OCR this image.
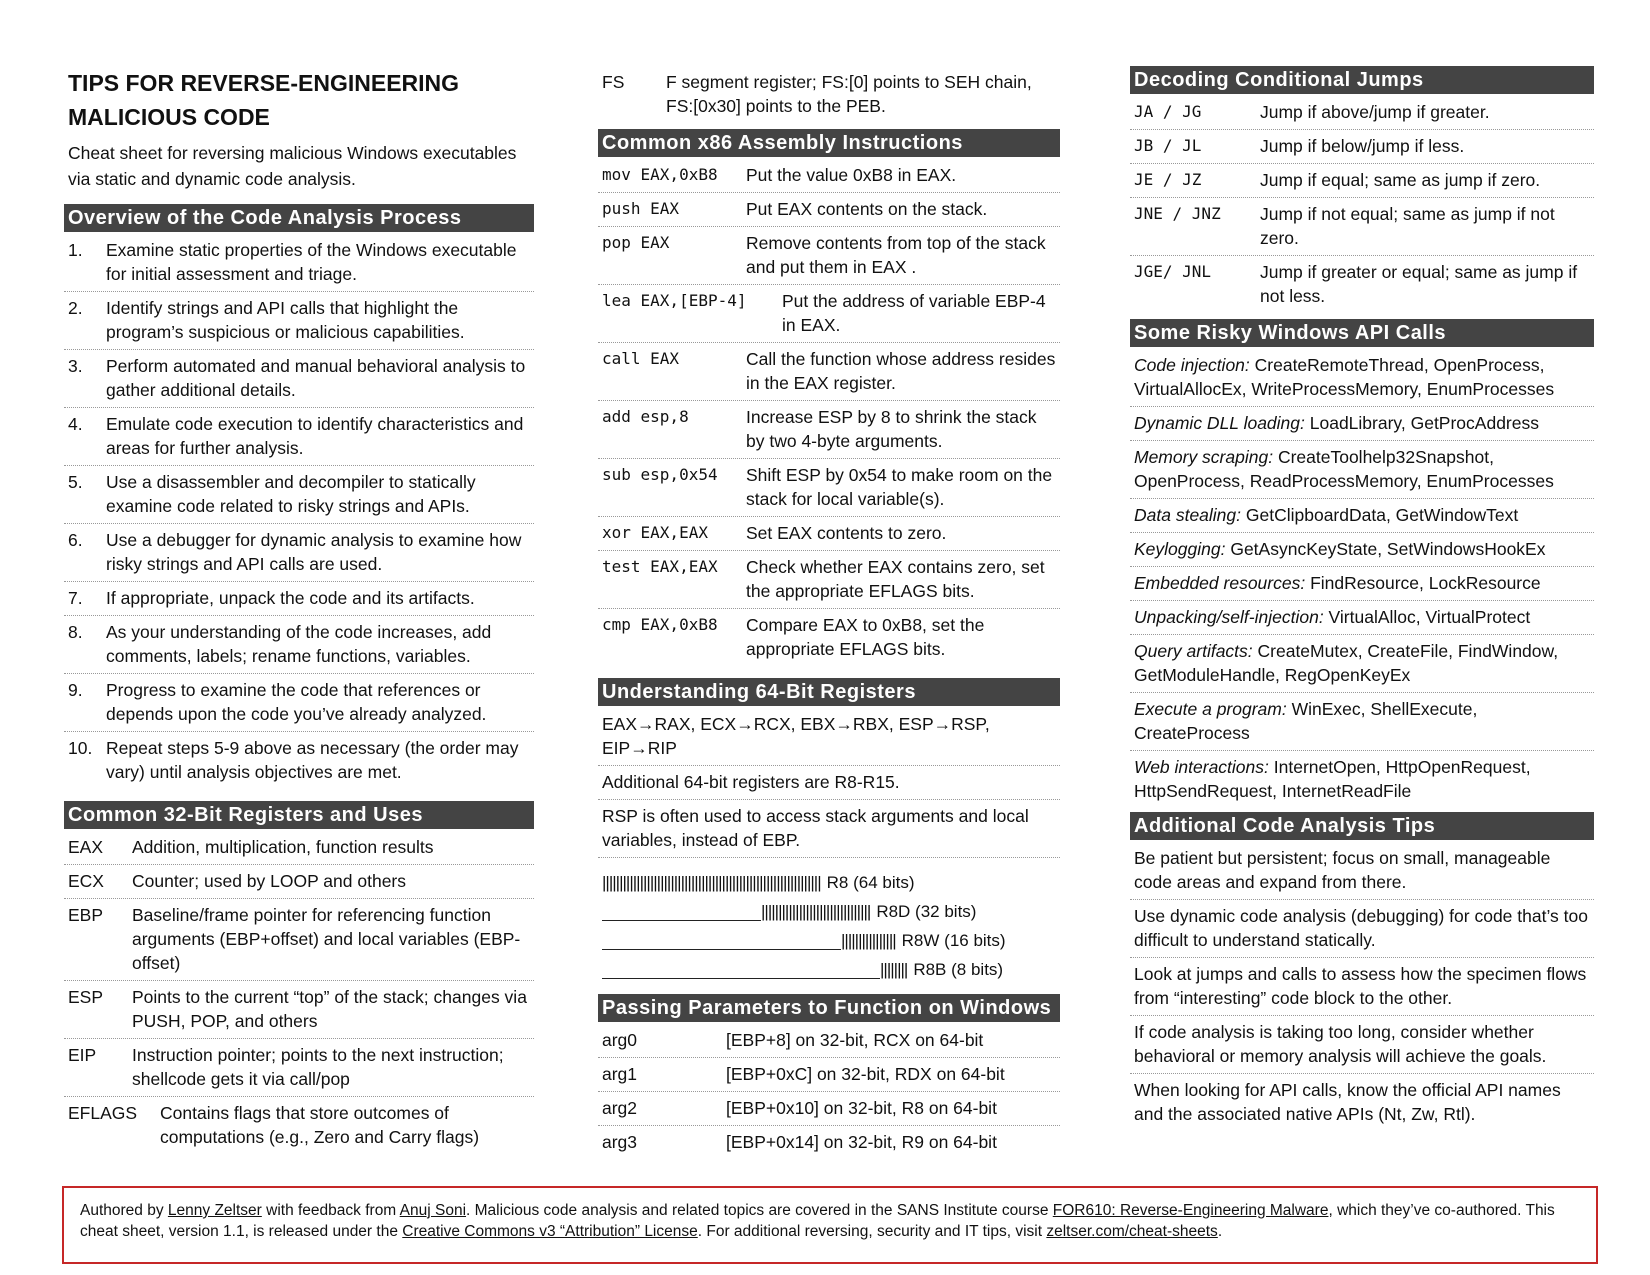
TIPS FOR REVERSE-ENGINEERING
MALICIOUS CODE
Cheat sheet for reversing malicious Windows executables via static and dynamic code analysis.
Overview of the Code Analysis Process
1.	Examine static properties of the Windows executable for initial assessment and triage.
2.	Identify strings and API calls that highlight the program’s suspicious or malicious capabilities.
3.	Perform automated and manual behavioral analysis to gather additional details.
4.	Emulate code execution to identify characteristics and areas for further analysis.
5.	Use a disassembler and decompiler to statically examine code related to risky strings and APIs.
6.	Use a debugger for dynamic analysis to examine how risky strings and API calls are used.
7.	If appropriate, unpack the code and its artifacts.
8.	As your understanding of the code increases, add comments, labels; rename functions, variables.
9.	Progress to examine the code that references or depends upon the code you’ve already analyzed.
10. Repeat steps 5-9 above as necessary (the order may vary) until analysis objectives are met.
Common 32-Bit Registers and Uses
EAX	Addition, multiplication, function results
ECX	Counter; used by LOOP and others
EBP	Baseline/frame pointer for referencing function arguments (EBP+offset) and local variables (EBP-offset)
ESP	Points to the current “top” of the stack; changes via PUSH, POP, and others
EIP	Instruction pointer; points to the next instruction; shellcode gets it via call/pop
EFLAGS	Contains flags that store outcomes of computations (e.g., Zero and Carry flags)
FS	F segment register; FS:[0] points to SEH chain, FS:[0x30] points to the PEB.
Common x86 Assembly Instructions
mov EAX,0xB8	Put the value 0xB8 in EAX.
push EAX	Put EAX contents on the stack.
pop EAX	Remove contents from top of the stack and put them in EAX .
lea EAX,[EBP-4]	Put the address of variable EBP-4 in EAX.
call EAX	Call the function whose address resides in the EAX register.
add esp,8	Increase ESP by 8 to shrink the stack by two 4-byte arguments.
sub esp,0x54	Shift ESP by 0x54 to make room on the stack for local variable(s).
xor EAX,EAX	Set EAX contents to zero.
test EAX,EAX	Check whether EAX contains zero, set the appropriate EFLAGS bits.
cmp EAX,0xB8	Compare EAX to 0xB8, set the appropriate EFLAGS bits.
Understanding 64-Bit Registers
EAX→RAX, ECX→RCX, EBX→RBX, ESP→RSP, EIP→RIP
Additional 64-bit registers are R8-R15.
RSP is often used to access stack arguments and local variables, instead of EBP.
|||||||||||||||||||||||||||||||||||||||||||||||||||||||||||||||| R8 (64 bits)
|||||||||||||||||||||||||||||||| R8D (32 bits)
|||||||||||||||| R8W (16 bits)
|||||||| R8B (8 bits)
Passing Parameters to Function on Windows
arg0	[EBP+8] on 32-bit, RCX on 64-bit
arg1	[EBP+0xC] on 32-bit, RDX on 64-bit
arg2	[EBP+0x10] on 32-bit, R8 on 64-bit
arg3	[EBP+0x14] on 32-bit, R9 on 64-bit
Decoding Conditional Jumps
JA / JG	Jump if above/jump if greater.
JB / JL	Jump if below/jump if less.
JE / JZ	Jump if equal; same as jump if zero.
JNE / JNZ	Jump if not equal; same as jump if not zero.
JGE/ JNL	Jump if greater or equal; same as jump if not less.
Some Risky Windows API Calls
Code injection: CreateRemoteThread, OpenProcess, VirtualAllocEx, WriteProcessMemory, EnumProcesses
Dynamic DLL loading: LoadLibrary, GetProcAddress
Memory scraping: CreateToolhelp32Snapshot, OpenProcess, ReadProcessMemory, EnumProcesses
Data stealing: GetClipboardData, GetWindowText
Keylogging: GetAsyncKeyState, SetWindowsHookEx
Embedded resources: FindResource, LockResource
Unpacking/self-injection: VirtualAlloc, VirtualProtect
Query artifacts: CreateMutex, CreateFile, FindWindow, GetModuleHandle, RegOpenKeyEx
Execute a program: WinExec, ShellExecute, CreateProcess
Web interactions: InternetOpen, HttpOpenRequest, HttpSendRequest, InternetReadFile
Additional Code Analysis Tips
Be patient but persistent; focus on small, manageable code areas and expand from there.
Use dynamic code analysis (debugging) for code that’s too difficult to understand statically.
Look at jumps and calls to assess how the specimen flows from “interesting” code block to the other.
If code analysis is taking too long, consider whether behavioral or memory analysis will achieve the goals.
When looking for API calls, know the official API names and the associated native APIs (Nt, Zw, Rtl).
Authored by Lenny Zeltser with feedback from Anuj Soni. Malicious code analysis and related topics are covered in the SANS Institute course FOR610: Reverse-Engineering Malware, which they’ve co-authored. This cheat sheet, version 1.1, is released under the Creative Commons v3 “Attribution” License. For additional reversing, security and IT tips, visit zeltser.com/cheat-sheets.
